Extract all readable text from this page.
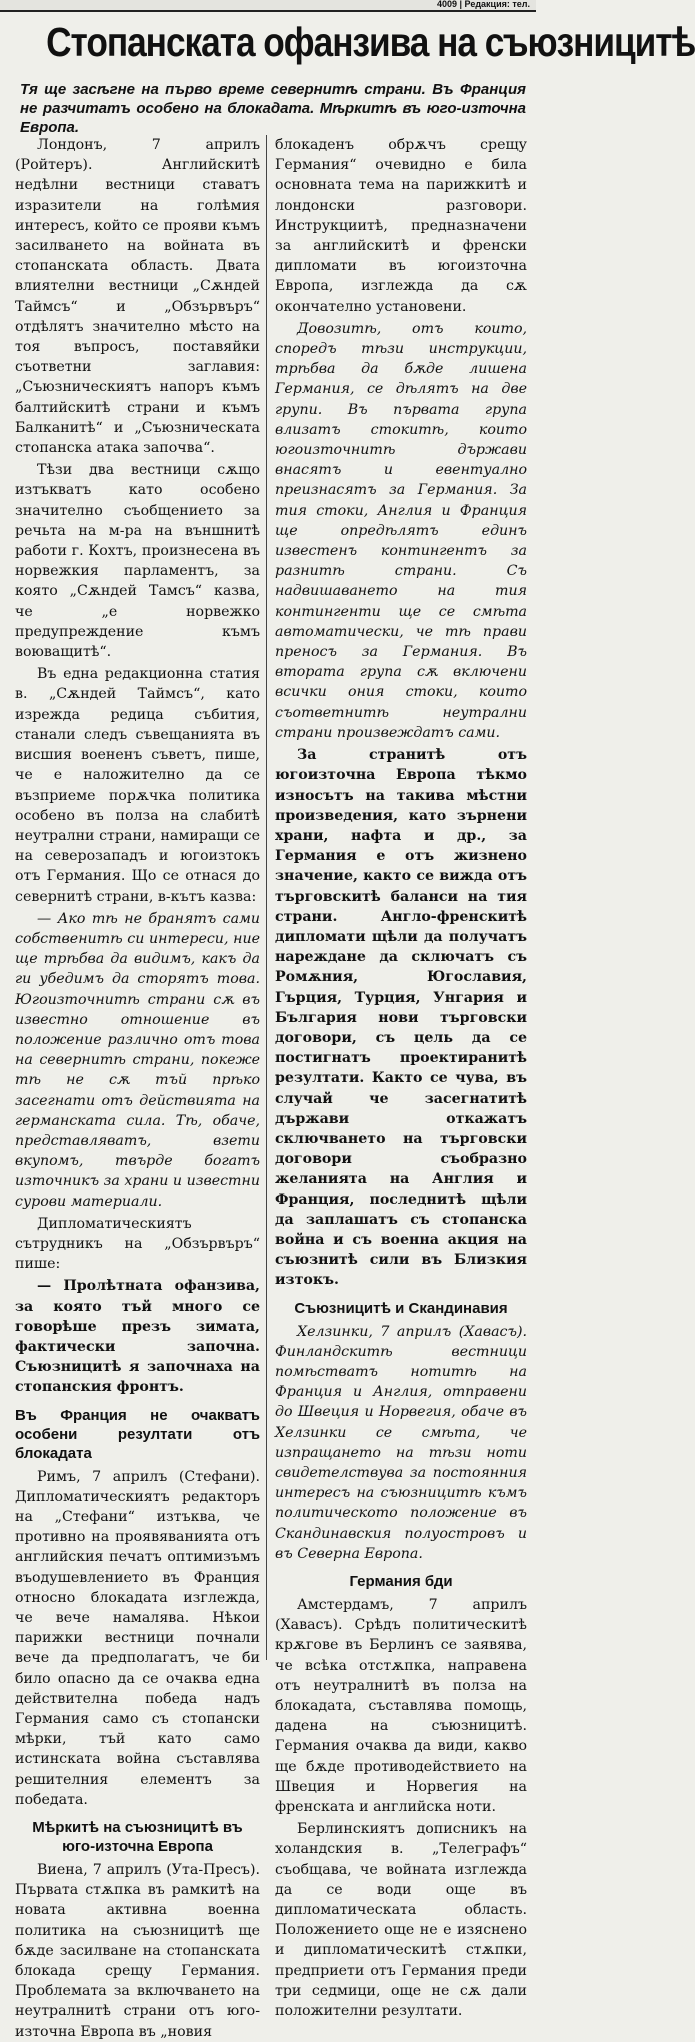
4009 | Редакция: тел.
Стопанската офанзива на съюзницитѣ
Тя ще засѣгне на първо време севернитѣ страни. Въ Франция не разчитатъ особено на блокадата. Мѣркитѣ въ юго-източна Европа.

Лондонъ, 7 априлъ (Ройтеръ). Английскитѣ недѣлни вестници ставатъ изразители на голѣмия интересъ, който се прояви къмъ засилването на войната въ стопанската область. Двата влиятелни вестници „Сѫндей Таймсъ“ и „Обзървъръ“ отдѣлятъ значително мѣсто на тоя въпросъ, поставяйки съответни заглавия: „Съюзническиятъ напоръ къмъ балтийскитѣ страни и къмъ Балканитѣ“ и „Съюзническата стопанска атака започва“.

Тѣзи два вестници сѫщо изтъкватъ като особено значително съобщението за речьта на м-ра на външнитѣ работи г. Кохтъ, произнесена въ норвежкия парламентъ, за която „Сѫндей Тамсъ“ казва, че „е норвежко предупреждение къмъ воюващитѣ“.

Въ една редакционна статия в. „Сѫндей Таймсъ“, като изрежда редица събития, станали следъ съвещанията въ висшия воененъ съветъ, пише, че е наложително да се възприеме порѫчка политика особено въ полза на слабитѣ неутрални страни, намиращи се на северозападъ и югоизтокъ отъ Германия. Що се отнася до севернитѣ страни, в-кътъ казва:

— Ако тѣ не бранятъ сами собственитѣ си интереси, ние ще трѣбва да видимъ, какъ да ги убедимъ да сторятъ това. Югоизточнитѣ страни сѫ въ известно отношение въ положение различно отъ това на севернитѣ страни, покеже тѣ не сѫ тъй прѣко засегнати отъ действията на германската сила. Тѣ, обаче, представляватъ, взети вкупомъ, твърде богатъ източникъ за храни и известни сурови материали.

Дипломатическиятъ сътрудникъ на „Обзървъръ“ пише:

— Пролѣтната офанзива, за която тъй много се говорѣше презъ зимата, фактически започна. Съюзницитѣ я започнаха на стопанския фронтъ.

Въ Франция не очакватъ особени резултати отъ блокадата

Римъ, 7 априлъ (Стефани). Дипломатическиятъ редакторъ на „Стефани“ изтъква, че противно на проявяванията отъ английския печатъ оптимизъмъ въодушевлението въ Франция относно блокадата изглежда, че вече намалява. Нѣкои парижки вестници почнали вече да предполагатъ, че би било опасно да се очаква една действителна победа надъ Германия само съ стопански мѣрки, тъй като само истинската война съставлява решителния елементъ за победата.

Мѣркитѣ на съюзницитѣ въ юго-източна Европа

Виена, 7 априлъ (Ута-Пресъ). Първата стѫпка въ рамкитѣ на новата активна военна политика на съюзницитѣ ще бѫде засилване на стопанската блокада срещу Германия. Проблемата за включването на неутралнитѣ страни отъ юго-източна Европа въ „новия

блокаденъ обрѫчъ срещу Германия“ очевидно е била основната тема на парижкитѣ и лондонски разговори. Инструкциитѣ, предназначени за английскитѣ и френски дипломати въ югоизточна Европа, изглежда да сѫ окончателно установени.

Довозитѣ, отъ които, споредъ тѣзи инструкции, трѣбва да бѫде лишена Германия, се дѣлятъ на две групи. Въ първата група влизатъ стокитѣ, които югоизточнитѣ държави внасятъ и евентуално преизнасятъ за Германия. За тия стоки, Англия и Франция ще опредѣлятъ единъ известенъ контингентъ за разнитѣ страни. Съ надвишаването на тия контингенти ще се смѣта автоматически, че тѣ прави преносъ за Германия. Въ втората група сѫ включени всички ония стоки, които съответнитѣ неутрални страни произвеждатъ сами.

За странитѣ отъ югоизточна Европа тѣкмо износътъ на такива мѣстни произведения, като зърнени храни, нафта и др., за Германия е отъ жизнено значение, както се вижда отъ търговскитѣ баланси на тия страни. Англо-френскитѣ дипломати щѣли да получатъ нареждане да сключатъ съ Ромѫния, Югославия, Гърция, Турция, Унгария и България нови търговски договори, съ цель да се постигнатъ проектиранитѣ резултати. Както се чува, въ случай че засегнатитѣ държави откажатъ сключването на търговски договори съобразно желанията на Англия и Франция, последнитѣ щѣли да заплашатъ съ стопанска война и съ военна акция на съюзнитѣ сили въ Близкия изтокъ.

Съюзницитѣ и Скандинавия

Хелзинки, 7 априлъ (Хавасъ). Финландскитѣ вестници помѣстватъ нотитѣ на Франция и Англия, отправени до Швеция и Норвегия, обаче въ Хелзинки се смѣта, че изпращането на тѣзи ноти свидетелствува за постоянния интересъ на съюзницитѣ къмъ политическото положение въ Скандинавския полуостровъ и въ Северна Европа.

Германия бди

Амстердамъ, 7 априлъ (Хавасъ). Срѣдъ политическитѣ крѫгове въ Берлинъ се заявява, че всѣка отстѫпка, направена отъ неутралнитѣ въ полза на блокадата, съставлява помощь, дадена на съюзницитѣ. Германия очаква да види, какво ще бѫде противодействието на Швеция и Норвегия на френската и английска ноти.

Берлинскиятъ дописникъ на холандския в. „Телеграфъ“ съобщава, че войната изглежда да се води още въ дипломатическата область. Положението още не е изяснено и дипломатическитѣ стѫпки, предприети отъ Германия преди три седмици, още не сѫ дали положителни резултати.
